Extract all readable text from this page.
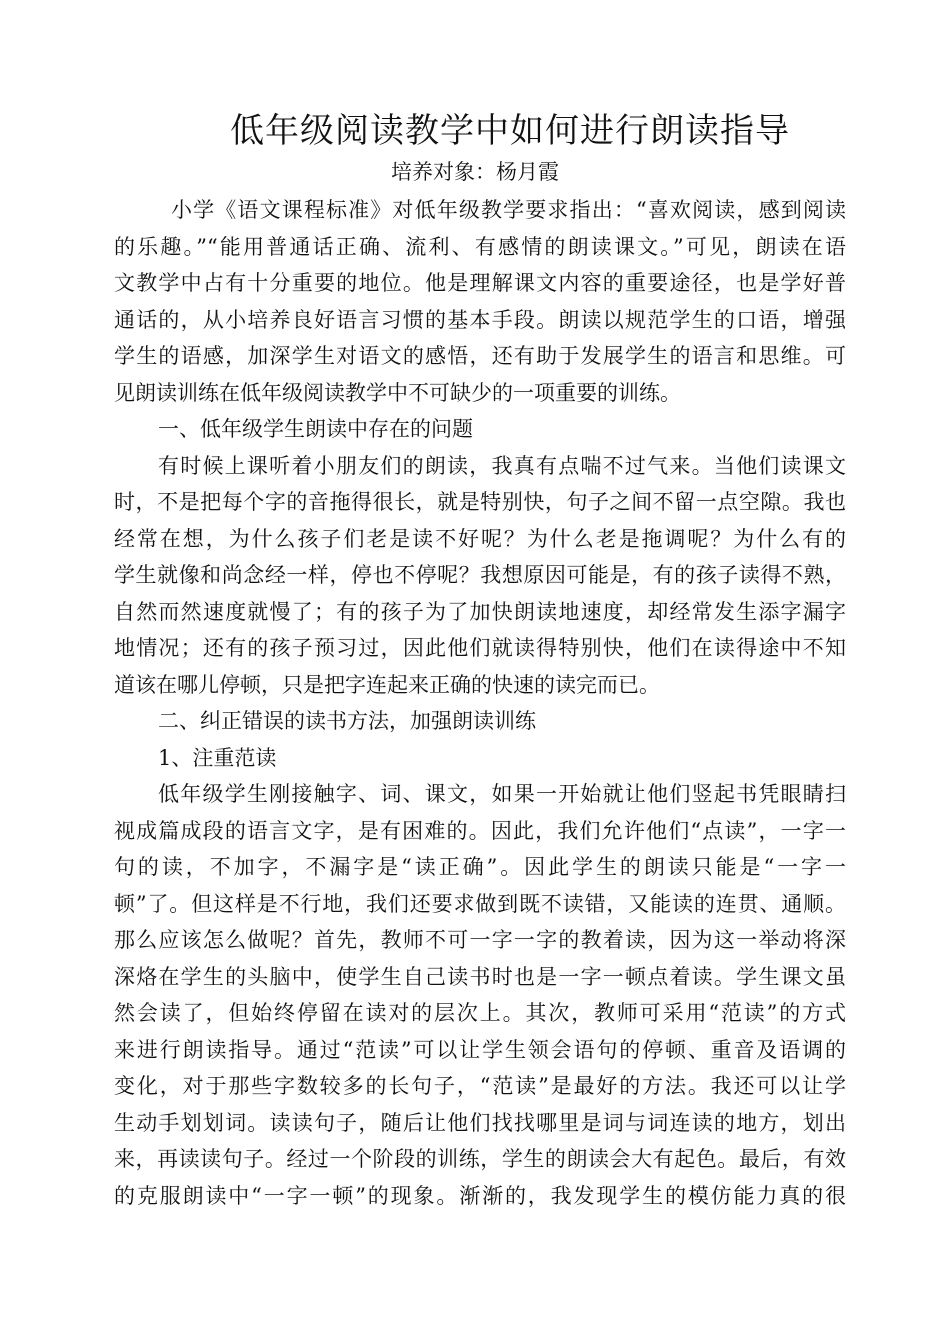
低年级阅读教学中如何进行朗读指导
培养对象：杨月霞
小学《语文课程标准》对低年级教学要求指出：“喜欢阅读，感到阅读
的乐趣。”“能用普通话正确、流利、有感情的朗读课文。”可见，朗读在语
文教学中占有十分重要的地位。他是理解课文内容的重要途径，也是学好普
通话的，从小培养良好语言习惯的基本手段。朗读以规范学生的口语，增强
学生的语感，加深学生对语文的感悟，还有助于发展学生的语言和思维。可
见朗读训练在低年级阅读教学中不可缺少的一项重要的训练。
一、低年级学生朗读中存在的问题
有时候上课听着小朋友们的朗读，我真有点喘不过气来。当他们读课文
时，不是把每个字的音拖得很长，就是特别快，句子之间不留一点空隙。我也
经常在想，为什么孩子们老是读不好呢？为什么老是拖调呢？为什么有的
学生就像和尚念经一样，停也不停呢？我想原因可能是，有的孩子读得不熟，
自然而然速度就慢了；有的孩子为了加快朗读地速度，却经常发生添字漏字
地情况；还有的孩子预习过，因此他们就读得特别快，他们在读得途中不知
道该在哪儿停顿，只是把字连起来正确的快速的读完而已。
二、纠正错误的读书方法，加强朗读训练
1、注重范读
低年级学生刚接触字、词、课文，如果一开始就让他们竖起书凭眼睛扫
视成篇成段的语言文字，是有困难的。因此，我们允许他们“点读”，一字一
句的读，不加字，不漏字是“读正确”。因此学生的朗读只能是“一字一
顿”了。但这样是不行地，我们还要求做到既不读错，又能读的连贯、通顺。
那么应该怎么做呢？首先，教师不可一字一字的教着读，因为这一举动将深
深烙在学生的头脑中，使学生自己读书时也是一字一顿点着读。学生课文虽
然会读了，但始终停留在读对的层次上。其次，教师可采用“范读”的方式
来进行朗读指导。通过“范读”可以让学生领会语句的停顿、重音及语调的
变化，对于那些字数较多的长句子，“范读”是最好的方法。我还可以让学
生动手划划词。读读句子，随后让他们找找哪里是词与词连读的地方，划出
来，再读读句子。经过一个阶段的训练，学生的朗读会大有起色。最后，有效
的克服朗读中“一字一顿”的现象。渐渐的，我发现学生的模仿能力真的很
